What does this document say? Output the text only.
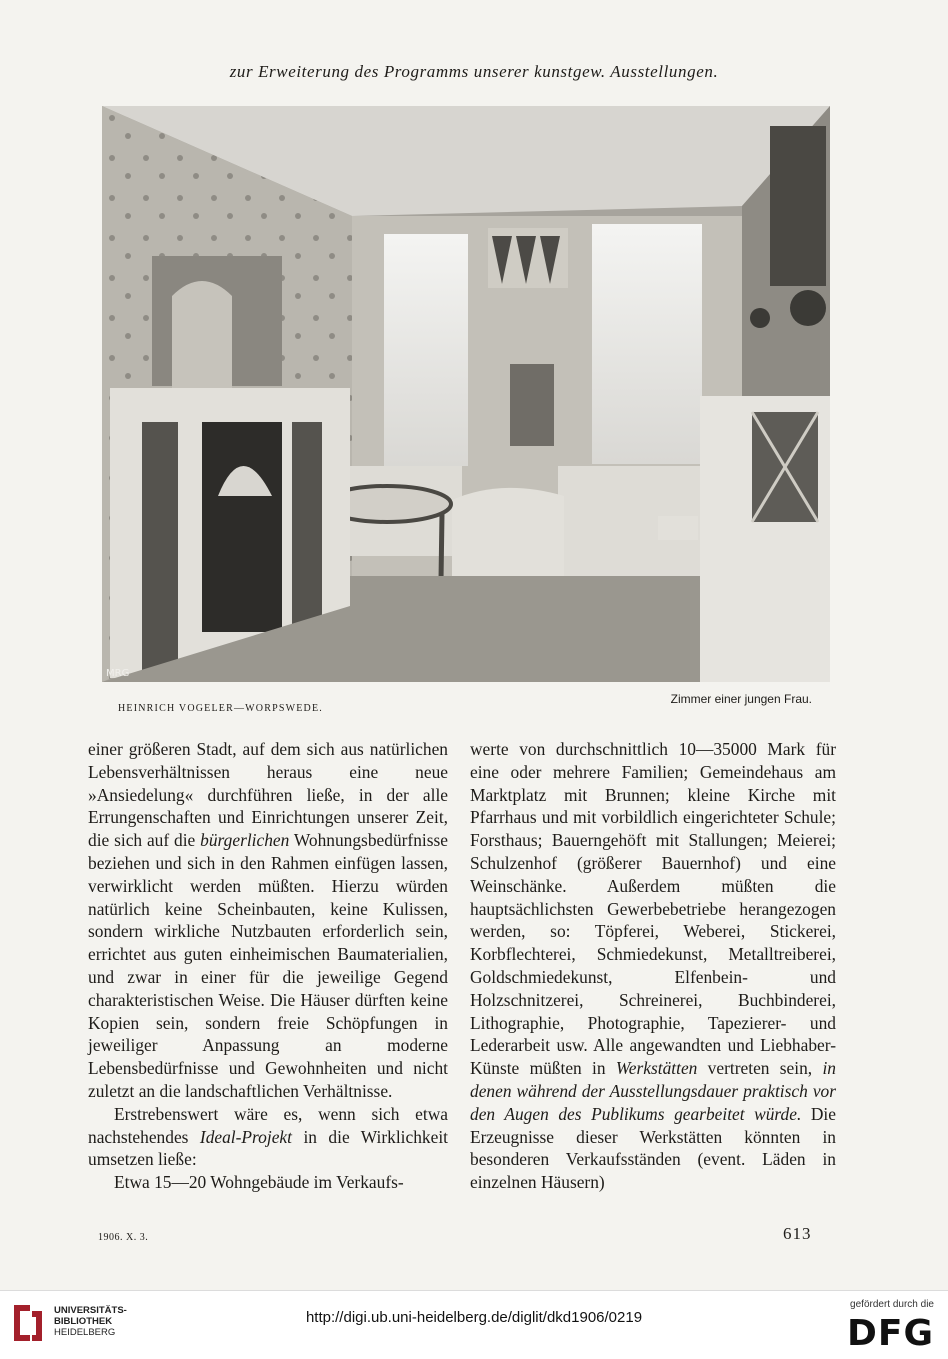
zur Erweiterung des Programms unserer kunstgew. Ausstellungen.
MRG
HEINRICH VOGELER—WORPSWEDE.
Zimmer einer jungen Frau.

einer größeren Stadt, auf dem sich aus natürlichen Lebensverhältnissen heraus eine neue »Ansiedelung« durchführen ließe, in der alle Errungenschaften und Einrichtungen unserer Zeit, die sich auf die bürgerlichen Wohnungsbedürfnisse beziehen und sich in den Rahmen einfügen lassen, verwirklicht werden müßten. Hierzu würden natürlich keine Scheinbauten, keine Kulissen, sondern wirkliche Nutzbauten erforderlich sein, errichtet aus guten einheimischen Baumaterialien, und zwar in einer für die jeweilige Gegend charakteristischen Weise. Die Häuser dürften keine Kopien sein, sondern freie Schöpfungen in jeweiliger Anpassung an moderne Lebensbedürfnisse und Gewohnheiten und nicht zuletzt an die landschaftlichen Verhältnisse.

Erstrebenswert wäre es, wenn sich etwa nachstehendes Ideal-Projekt in die Wirklichkeit umsetzen ließe:

Etwa 15—20 Wohngebäude im Verkaufs-

werte von durchschnittlich 10—35000 Mark für eine oder mehrere Familien; Gemeindehaus am Marktplatz mit Brunnen; kleine Kirche mit Pfarrhaus und mit vorbildlich eingerichteter Schule; Forsthaus; Bauerngehöft mit Stallungen; Meierei; Schulzenhof (größerer Bauernhof) und eine Weinschänke. Außerdem müßten die hauptsächlichsten Gewerbebetriebe herangezogen werden, so: Töpferei, Weberei, Stickerei, Korbflechterei, Schmiedekunst, Metalltreiberei, Goldschmiedekunst, Elfenbein- und Holzschnitzerei, Schreinerei, Buchbinderei, Lithographie, Photographie, Tapezierer- und Lederarbeit usw. Alle angewandten und Liebhaber-Künste müßten in Werkstätten vertreten sein, in denen während der Ausstellungsdauer praktisch vor den Augen des Publikums gearbeitet würde. Die Erzeugnisse dieser Werkstätten könnten in besonderen Verkaufsständen (event. Läden in einzelnen Häusern)

1906. X. 3.	613
UNIVERSITÄTS-
BIBLIOTHEK
HEIDELBERG
http://digi.ub.uni-heidelberg.de/diglit/dkd1906/0219
gefördert durch die
DFG
